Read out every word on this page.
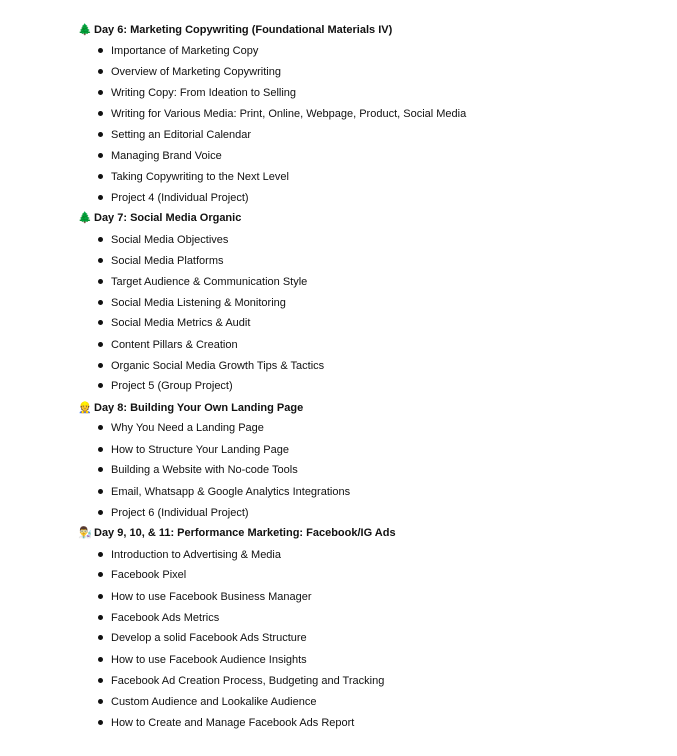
🌲 Day 6: Marketing Copywriting (Foundational Materials IV)
Importance of Marketing Copy
Overview of Marketing Copywriting
Writing Copy: From Ideation to Selling
Writing for Various Media: Print, Online, Webpage, Product, Social Media
Setting an Editorial Calendar
Managing Brand Voice
Taking Copywriting to the Next Level
Project 4 (Individual Project)
🌲 Day 7: Social Media Organic
Social Media Objectives
Social Media Platforms
Target Audience & Communication Style
Social Media Listening & Monitoring
Social Media Metrics & Audit
Content Pillars & Creation
Organic Social Media Growth Tips & Tactics
Project 5 (Group Project)
👷 Day 8: Building Your Own Landing Page
Why You Need a Landing Page
How to Structure Your Landing Page
Building a Website with No-code Tools
Email, Whatsapp & Google Analytics Integrations
Project 6 (Individual Project)
👨‍🔬Day 9, 10, & 11: Performance Marketing: Facebook/IG Ads
Introduction to Advertising & Media
Facebook Pixel
How to use Facebook Business Manager
Facebook Ads Metrics
Develop a solid Facebook Ads Structure
How to use Facebook Audience Insights
Facebook Ad Creation Process, Budgeting and Tracking
Custom Audience and Lookalike Audience
How to Create and Manage Facebook Ads Report
